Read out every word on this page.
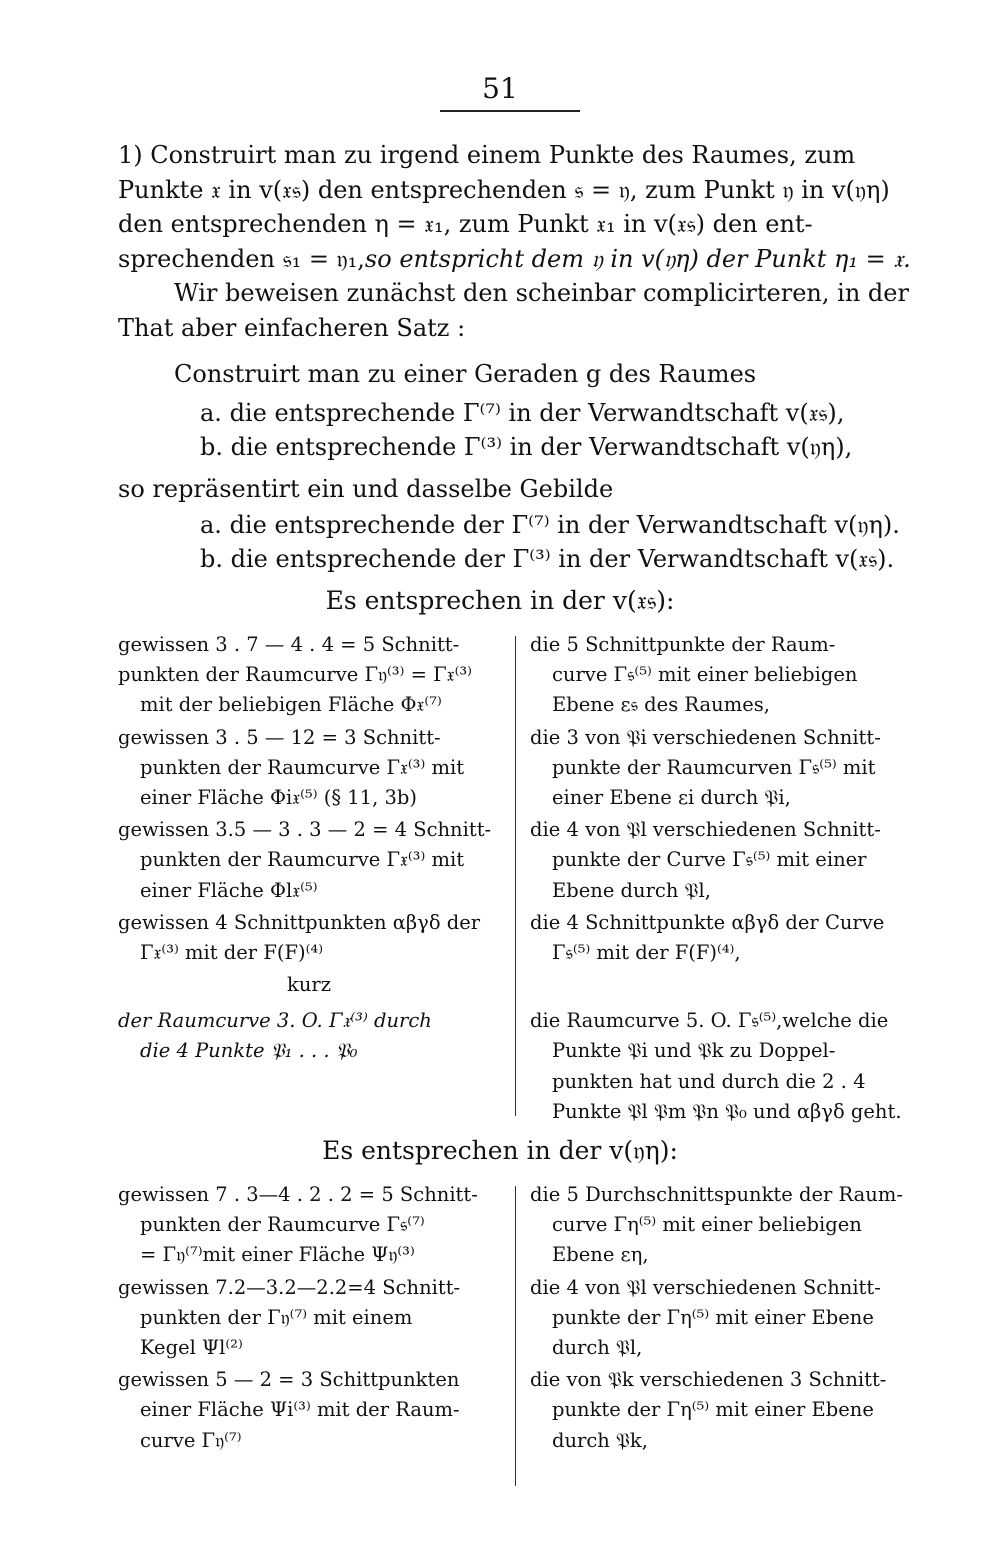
51
1) Construirt man zu irgend einem Punkte des Raumes, zum
Punkte 𝔵 in v(𝔵𝔰) den entsprechenden 𝔰 = 𝔶, zum Punkt 𝔶 in v(𝔶η)
den entsprechenden η = 𝔵₁, zum Punkt 𝔵₁ in v(𝔵𝔰) den ent-
sprechenden 𝔰₁ = 𝔶₁, so entspricht dem 𝔶 in v(𝔶η) der Punkt η₁ = 𝔵.
Wir beweisen zunächst den scheinbar complicirteren, in der
That aber einfacheren Satz :
Construirt man zu einer Geraden g des Raumes
a. die entsprechende Γ⁽⁷⁾ in der Verwandtschaft v(𝔵𝔰),
b. die entsprechende Γ⁽³⁾ in der Verwandtschaft v(𝔶η),
so repräsentirt ein und dasselbe Gebilde
a. die entsprechende der Γ⁽⁷⁾ in der Verwandtschaft v(𝔶η).
b. die entsprechende der Γ⁽³⁾ in der Verwandtschaft v(𝔵𝔰).
Es entsprechen in der v(𝔵𝔰):
gewissen 3 . 7 — 4 . 4 = 5 Schnitt-
punkten der Raumcurve Γ𝔶⁽³⁾ = Γ𝔵⁽³⁾
mit der beliebigen Fläche Φ𝔵⁽⁷⁾
gewissen 3 . 5 — 12 = 3 Schnitt-
punkten der Raumcurve Γ𝔵⁽³⁾ mit
einer Fläche Φi𝔵⁽⁵⁾ (§ 11, 3b)
gewissen 3.5 — 3 . 3 — 2 = 4 Schnitt-
punkten der Raumcurve Γ𝔵⁽³⁾ mit
einer Fläche Φl𝔵⁽⁵⁾
gewissen 4 Schnittpunkten αβγδ der
Γ𝔵⁽³⁾ mit der F(F)⁽⁴⁾
kurz
der Raumcurve 3. O. Γ𝔵⁽³⁾ durch
die 4 Punkte 𝔓₁ . . . 𝔓₀
die 5 Schnittpunkte der Raum-
curve Γ𝔰⁽⁵⁾ mit einer beliebigen
Ebene ε𝔰 des Raumes,
die 3 von 𝔓i verschiedenen Schnitt-
punkte der Raumcurven Γ𝔰⁽⁵⁾ mit
einer Ebene εi durch 𝔓i,
die 4 von 𝔓l verschiedenen Schnitt-
punkte der Curve Γ𝔰⁽⁵⁾ mit einer
Ebene durch 𝔓l,
die 4 Schnittpunkte αβγδ der Curve
Γ𝔰⁽⁵⁾ mit der F(F)⁽⁴⁾,
die Raumcurve 5. O. Γ𝔰⁽⁵⁾,welche die
Punkte 𝔓i und 𝔓k zu Doppel-
punkten hat und durch die 2 . 4
Punkte 𝔓l 𝔓m 𝔓n 𝔓₀ und αβγδ geht.
Es entsprechen in der v(𝔶η):
gewissen 7 . 3—4 . 2 . 2 = 5 Schnitt-
punkten der Raumcurve Γ𝔰⁽⁷⁾
= Γ𝔶⁽⁷⁾mit einer Fläche Ψ𝔶⁽³⁾
gewissen 7.2—3.2—2.2=4 Schnitt-
punkten der Γ𝔶⁽⁷⁾ mit einem
Kegel Ψl⁽²⁾
gewissen 5 — 2 = 3 Schittpunkten
einer Fläche Ψi⁽³⁾ mit der Raum-
curve Γ𝔶⁽⁷⁾
die 5 Durchschnittspunkte der Raum-
curve Γη⁽⁵⁾ mit einer beliebigen
Ebene εη,
die 4 von 𝔓l verschiedenen Schnitt-
punkte der Γη⁽⁵⁾ mit einer Ebene
durch 𝔓l,
die von 𝔓k verschiedenen 3 Schnitt-
punkte der Γη⁽⁵⁾ mit einer Ebene
durch 𝔓k,
